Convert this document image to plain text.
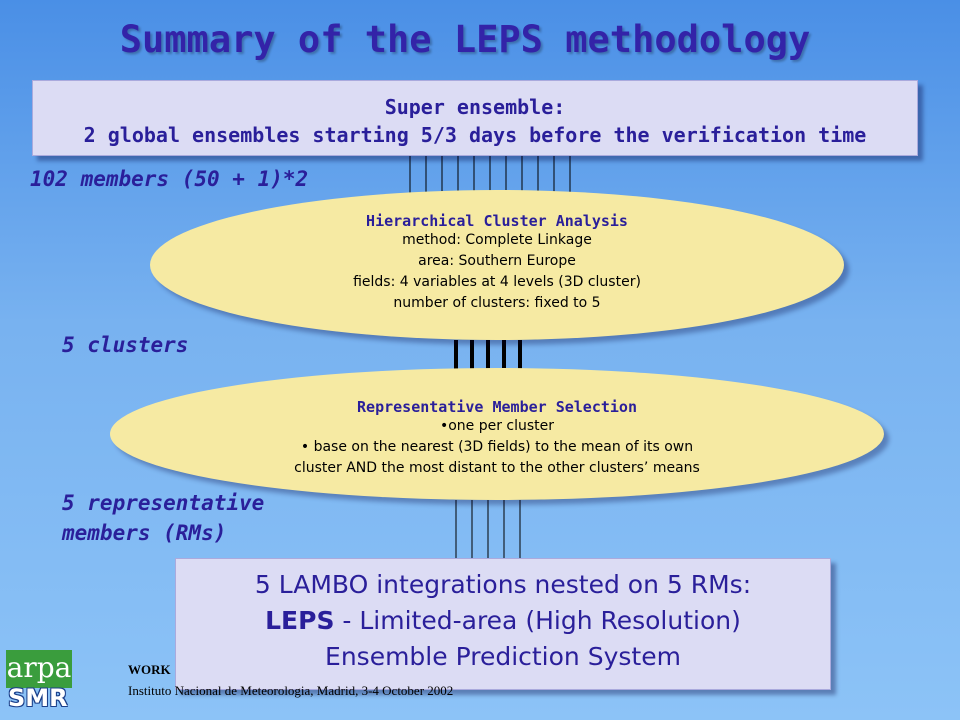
Summary of the LEPS methodology
Super ensemble:
2 global ensembles starting 5/3 days before the verification time
102 members (50 + 1)*2
5 clusters
5 representative
members (RMs)
Hierarchical Cluster Analysis
method: Complete Linkage
area: Southern Europe
fields: 4 variables at 4 levels (3D cluster)
number of clusters: fixed to 5
Representative Member Selection
•one per cluster
• base on the nearest (3D fields) to the mean of its own
cluster AND the most distant to the other clusters’ means
5 LAMBO integrations nested on 5 RMs:
LEPS - Limited-area (High Resolution)
Ensemble Prediction System
WORK
Instituto Nacional de Meteorologia, Madrid, 3-4 October 2002
arpa
SMR
